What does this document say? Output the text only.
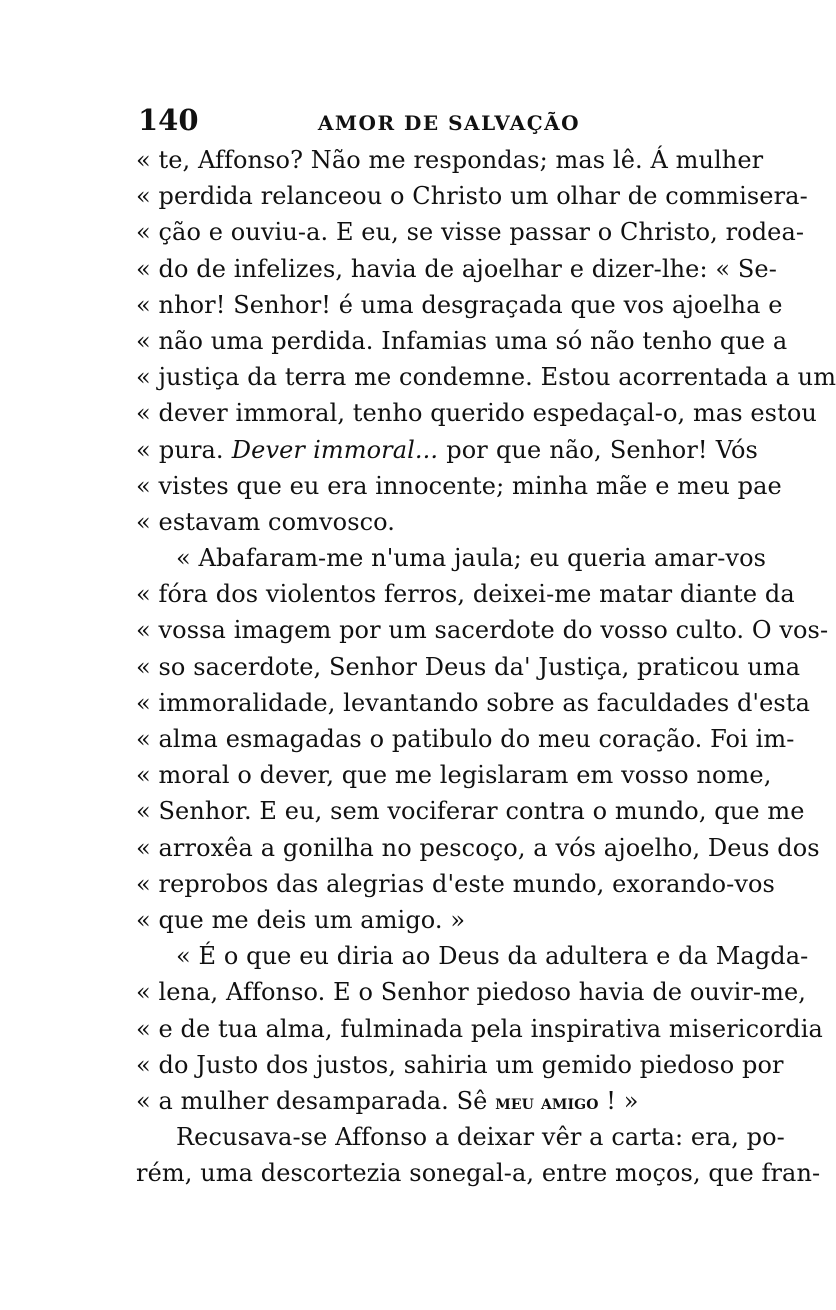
140	AMOR DE SALVAÇÃO
« te, Affonso? Não me respondas; mas lê. Á mulher
« perdida relanceou o Christo um olhar de commisera-
« ção e ouviu-a. E eu, se visse passar o Christo, rodea-
« do de infelizes, havia de ajoelhar e dizer-lhe: « Se-
« nhor! Senhor! é uma desgraçada que vos ajoelha e
« não uma perdida. Infamias uma só não tenho que a
« justiça da terra me condemne. Estou acorrentada a um
« dever immoral, tenho querido espedaçal-o, mas estou
« pura. Dever immoral... por que não, Senhor! Vós
« vistes que eu era innocente; minha mãe e meu pae
« estavam comvosco.
« Abafaram-me n'uma jaula; eu queria amar-vos
« fóra dos violentos ferros, deixei-me matar diante da
« vossa imagem por um sacerdote do vosso culto. O vos-
« so sacerdote, Senhor Deus da' Justiça, praticou uma
« immoralidade, levantando sobre as faculdades d'esta
« alma esmagadas o patibulo do meu coração. Foi im-
« moral o dever, que me legislaram em vosso nome,
« Senhor. E eu, sem vociferar contra o mundo, que me
« arroxêa a gonilha no pescoço, a vós ajoelho, Deus dos
« reprobos das alegrias d'este mundo, exorando-vos
« que me deis um amigo. »
« É o que eu diria ao Deus da adultera e da Magda-
« lena, Affonso. E o Senhor piedoso havia de ouvir-me,
« e de tua alma, fulminada pela inspirativa misericordia
« do Justo dos justos, sahiria um gemido piedoso por
« a mulher desamparada. Sê meu amigo ! »
Recusava-se Affonso a deixar vêr a carta: era, po-
rém, uma descortezia sonegal-a, entre moços, que fran-
